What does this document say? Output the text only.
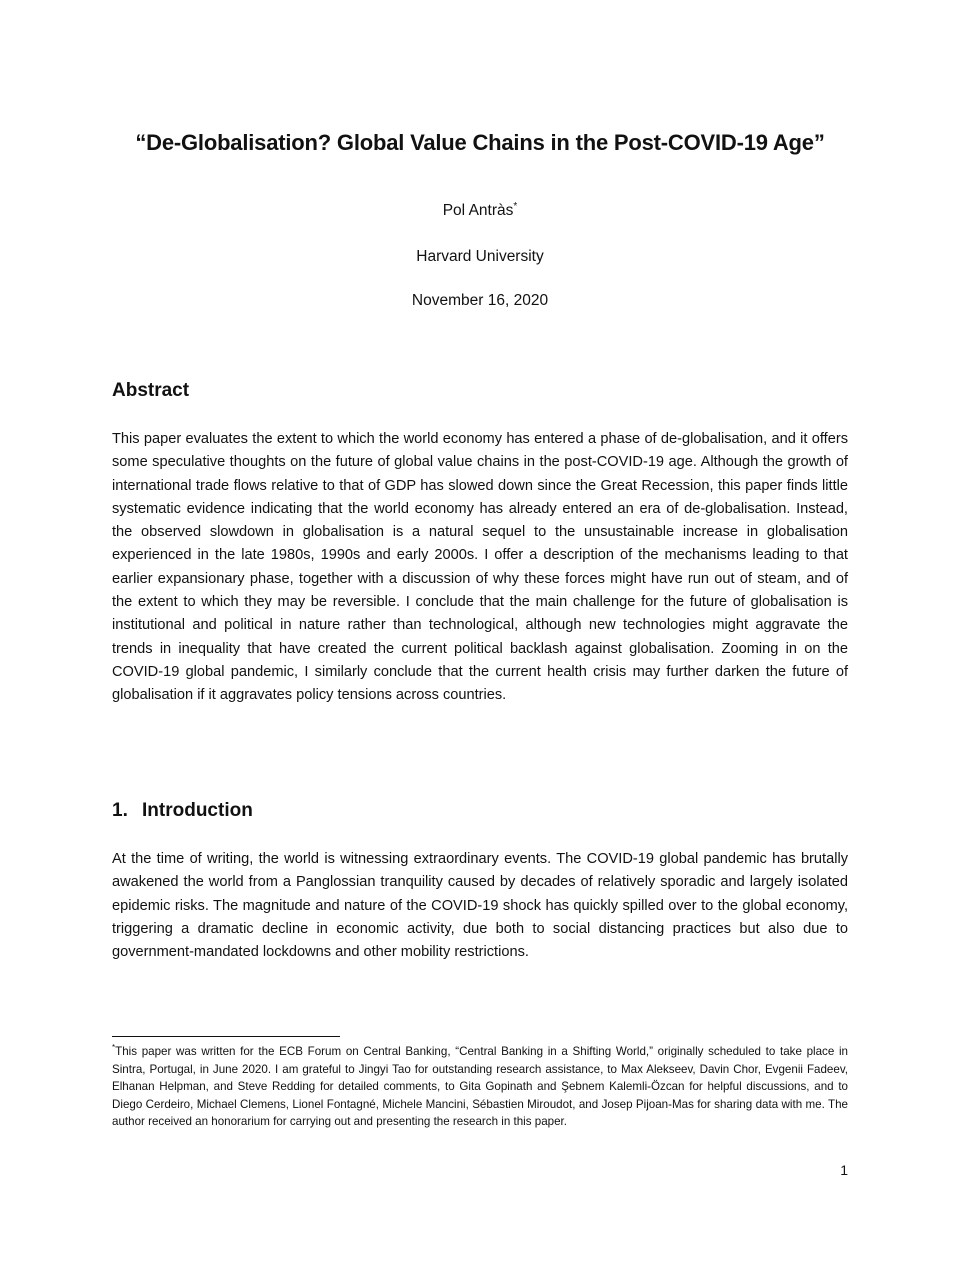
“De-Globalisation? Global Value Chains in the Post-COVID-19 Age”

Pol Antràs*

Harvard University

November 16, 2020

Abstract

This paper evaluates the extent to which the world economy has entered a phase of de-globalisation, and it offers some speculative thoughts on the future of global value chains in the post-COVID-19 age. Although the growth of international trade flows relative to that of GDP has slowed down since the Great Recession, this paper finds little systematic evidence indicating that the world economy has already entered an era of de-globalisation. Instead, the observed slowdown in globalisation is a natural sequel to the unsustainable increase in globalisation experienced in the late 1980s, 1990s and early 2000s. I offer a description of the mechanisms leading to that earlier expansionary phase, together with a discussion of why these forces might have run out of steam, and of the extent to which they may be reversible. I conclude that the main challenge for the future of globalisation is institutional and political in nature rather than technological, although new technologies might aggravate the trends in inequality that have created the current political backlash against globalisation. Zooming in on the COVID-19 global pandemic, I similarly conclude that the current health crisis may further darken the future of globalisation if it aggravates policy tensions across countries.

1. Introduction

At the time of writing, the world is witnessing extraordinary events. The COVID-19 global pandemic has brutally awakened the world from a Panglossian tranquility caused by decades of relatively sporadic and largely isolated epidemic risks. The magnitude and nature of the COVID-19 shock has quickly spilled over to the global economy, triggering a dramatic decline in economic activity, due both to social distancing practices but also due to government-mandated lockdowns and other mobility restrictions.

*This paper was written for the ECB Forum on Central Banking, “Central Banking in a Shifting World,” originally scheduled to take place in Sintra, Portugal, in June 2020. I am grateful to Jingyi Tao for outstanding research assistance, to Max Alekseev, Davin Chor, Evgenii Fadeev, Elhanan Helpman, and Steve Redding for detailed comments, to Gita Gopinath and Şebnem Kalemli-Özcan for helpful discussions, and to Diego Cerdeiro, Michael Clemens, Lionel Fontagné, Michele Mancini, Sébastien Miroudot, and Josep Pijoan-Mas for sharing data with me. The author received an honorarium for carrying out and presenting the research in this paper.

1
